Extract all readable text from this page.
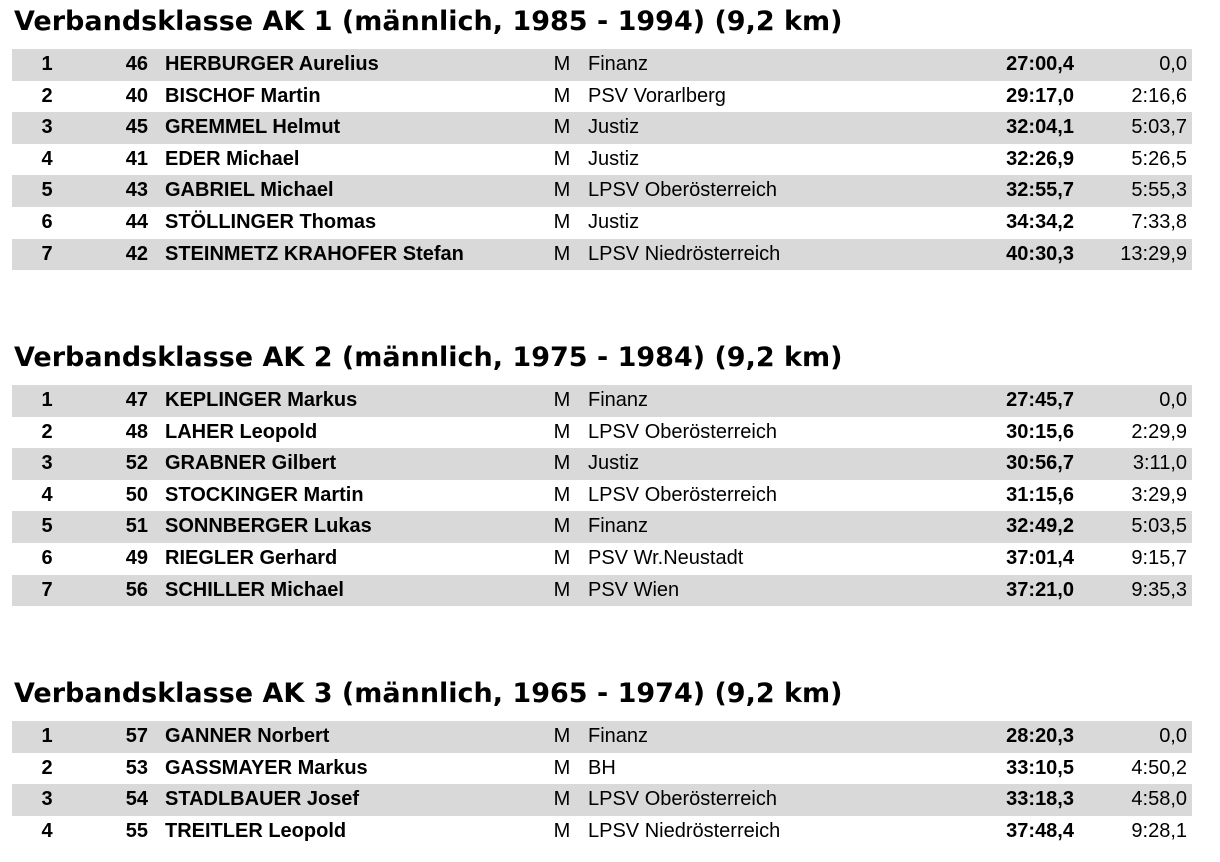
Verbandsklasse AK 1 (männlich, 1985 - 1994) (9,2 km)
1	46 HERBURGER Aurelius	M Finanz	27:00,4	0,0
2	40 BISCHOF Martin	M PSV Vorarlberg	29:17,0	2:16,6
3	45 GREMMEL Helmut	M Justiz	32:04,1	5:03,7
4	41 EDER Michael	M Justiz	32:26,9	5:26,5
5	43 GABRIEL Michael	M LPSV Oberösterreich	32:55,7	5:55,3
6	44 STÖLLINGER Thomas	M Justiz	34:34,2	7:33,8
7	42 STEINMETZ KRAHOFER Stefan	M LPSV Niedrösterreich	40:30,3	13:29,9
Verbandsklasse AK 2 (männlich, 1975 - 1984) (9,2 km)
1	47 KEPLINGER Markus	M Finanz	27:45,7	0,0
2	48 LAHER Leopold	M LPSV Oberösterreich	30:15,6	2:29,9
3	52 GRABNER Gilbert	M Justiz	30:56,7	3:11,0
4	50 STOCKINGER Martin	M LPSV Oberösterreich	31:15,6	3:29,9
5	51 SONNBERGER Lukas	M Finanz	32:49,2	5:03,5
6	49 RIEGLER Gerhard	M PSV Wr.Neustadt	37:01,4	9:15,7
7	56 SCHILLER Michael	M PSV Wien	37:21,0	9:35,3
Verbandsklasse AK 3 (männlich, 1965 - 1974) (9,2 km)
1	57 GANNER Norbert	M Finanz	28:20,3	0,0
2	53 GASSMAYER Markus	M BH	33:10,5	4:50,2
3	54 STADLBAUER Josef	M LPSV Oberösterreich	33:18,3	4:58,0
4	55 TREITLER Leopold	M LPSV Niedrösterreich	37:48,4	9:28,1
